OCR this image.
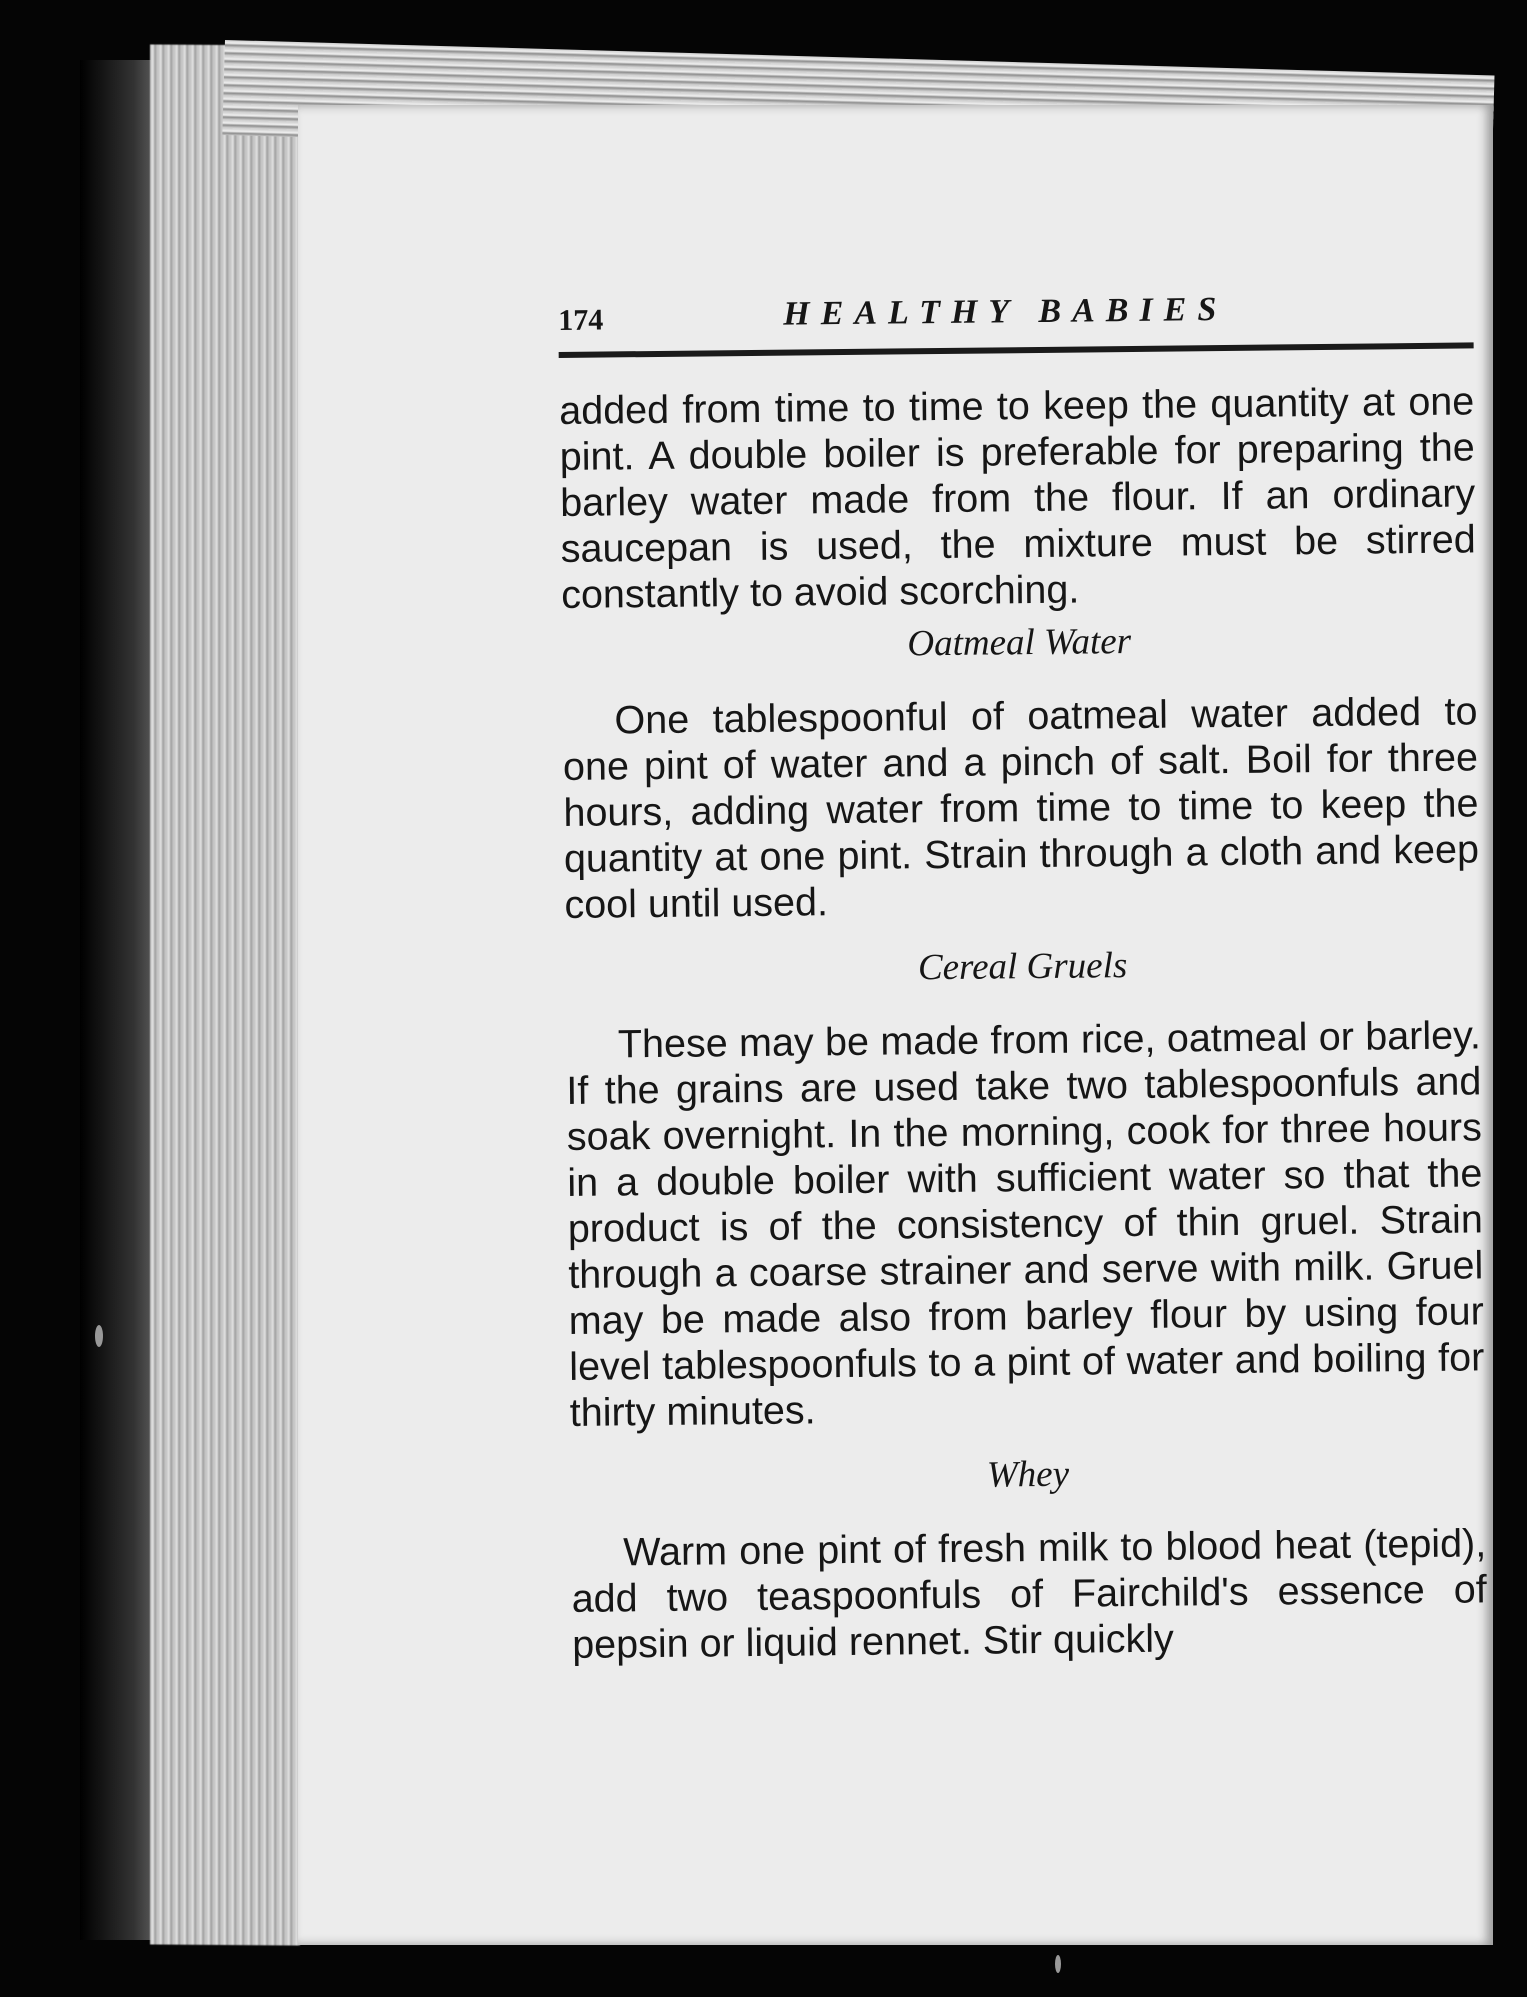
174	HEALTHY BABIES

added from time to time to keep the quantity at one pint. A double boiler is preferable for preparing the barley water made from the flour. If an ordinary saucepan is used, the mixture must be stirred constantly to avoid scorching.

Oatmeal Water

One tablespoonful of oatmeal water added to one pint of water and a pinch of salt. Boil for three hours, adding water from time to time to keep the quantity at one pint. Strain through a cloth and keep cool until used.

Cereal Gruels

These may be made from rice, oatmeal or barley. If the grains are used take two tablespoonfuls and soak overnight. In the morning, cook for three hours in a double boiler with sufficient water so that the product is of the consistency of thin gruel. Strain through a coarse strainer and serve with milk. Gruel may be made also from barley flour by using four level tablespoonfuls to a pint of water and boiling for thirty minutes.

Whey

Warm one pint of fresh milk to blood heat (tepid), add two teaspoonfuls of Fairchild's essence of pepsin or liquid rennet. Stir quickly
